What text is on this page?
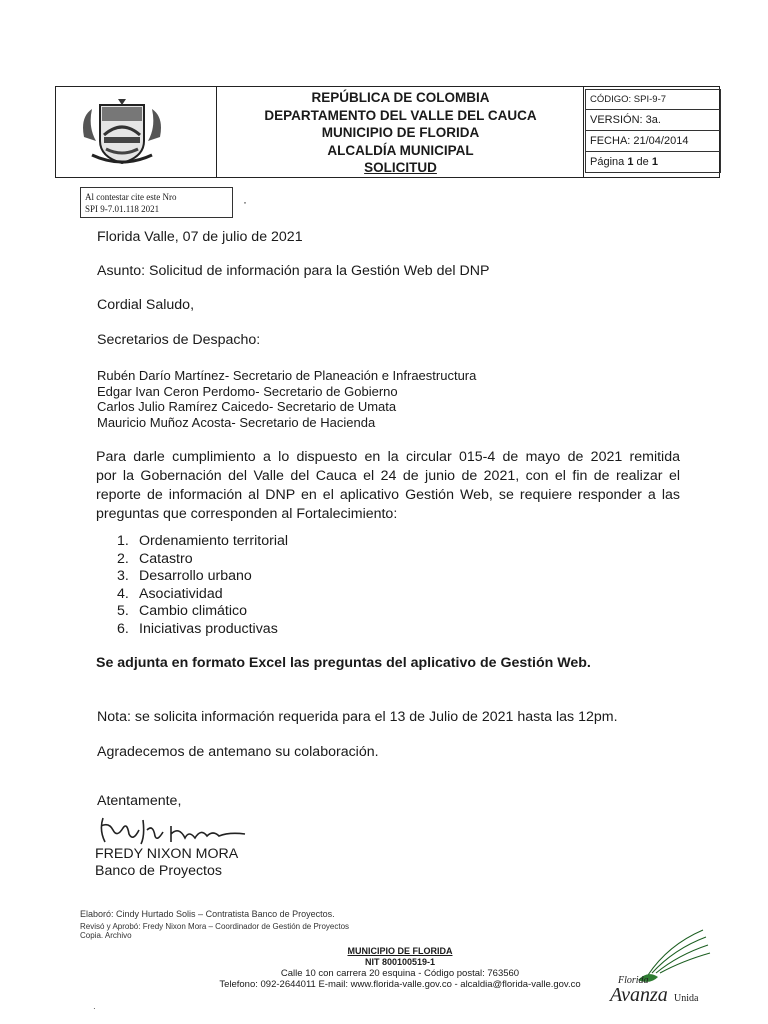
REPÚBLICA DE COLOMBIA
DEPARTAMENTO DEL VALLE DEL CAUCA
MUNICIPIO DE FLORIDA
ALCALDÍA MUNICIPAL
SOLICITUD
CÓDIGO: SPI-9-7
VERSIÓN: 3a.
FECHA: 21/04/2014
Página 1 de 1
Al contestar cite este Nro
SPI 9-7.01.118 2021	·
Florida Valle, 07 de julio de 2021
Asunto: Solicitud de información para la Gestión Web del DNP
Cordial Saludo,
Secretarios de Despacho:
Rubén Darío Martínez- Secretario de Planeación e Infraestructura
Edgar Ivan Ceron Perdomo- Secretario de Gobierno
Carlos Julio Ramírez Caicedo- Secretario de Umata
Mauricio Muñoz Acosta- Secretario de Hacienda
Para darle cumplimiento a lo dispuesto en la circular 015-4 de mayo de 2021 remitida
por la Gobernación del Valle del Cauca el 24 de junio de 2021, con el fin de realizar el
reporte de información al DNP en el aplicativo Gestión Web, se requiere responder a las
preguntas que corresponden al Fortalecimiento:
1. Ordenamiento territorial
2. Catastro
3. Desarrollo urbano
4. Asociatividad
5. Cambio climático
6. Iniciativas productivas
Se adjunta en formato Excel las preguntas del aplicativo de Gestión Web.
Nota: se solicita información requerida para el 13 de Julio de 2021 hasta las 12pm.
Agradecemos de antemano su colaboración.
Atentamente,
FREDY NIXON MORA
Banco de Proyectos
Elaboró: Cindy Hurtado Solis – Contratista Banco de Proyectos.
Revisó y Aprobó: Fredy Nixon Mora – Coordinador de Gestión de Proyectos
Copia. Archivo
MUNICIPIO DE FLORIDA
NIT 800100519-1
Calle 10 con carrera 20 esquina - Código postal: 763560
Telefono: 092-2644011 E-mail: www.florida-valle.gov.co - alcaldia@florida-valle.gov.co	Florida
Avanza Unida
·
